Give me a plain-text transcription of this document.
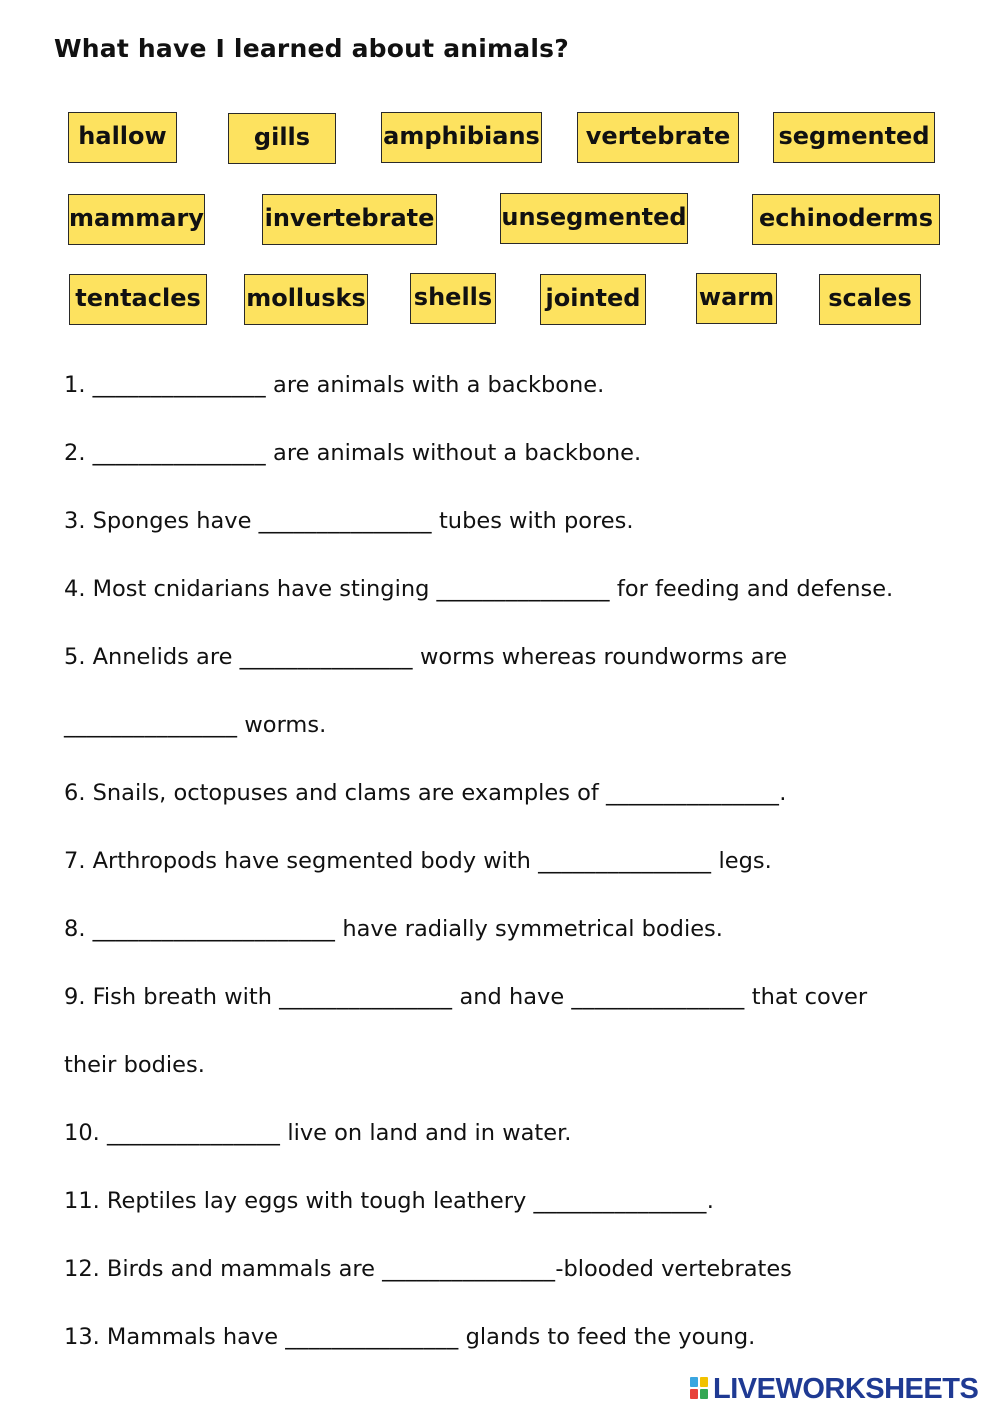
What have I learned about animals?
hallow	gills	amphibians	vertebrate	segmented
mammary	invertebrate	unsegmented	echinoderms
tentacles mollusks shells jointed warm	scales
1. _______________ are animals with a backbone.
2. _______________ are animals without a backbone.
3. Sponges have _______________ tubes with pores.
4. Most cnidarians have stinging _______________ for feeding and defense.
5. Annelids are _______________ worms whereas roundworms are
_______________ worms.
6. Snails, octopuses and clams are examples of _______________.
7. Arthropods have segmented body with _______________ legs.
8. _____________________ have radially symmetrical bodies.
9. Fish breath with _______________ and have _______________ that cover
their bodies.
10. _______________ live on land and in water.
11. Reptiles lay eggs with tough leathery _______________.
12. Birds and mammals are _______________-blooded vertebrates
13. Mammals have _______________ glands to feed the young.
LIVEWORKSHEETS
